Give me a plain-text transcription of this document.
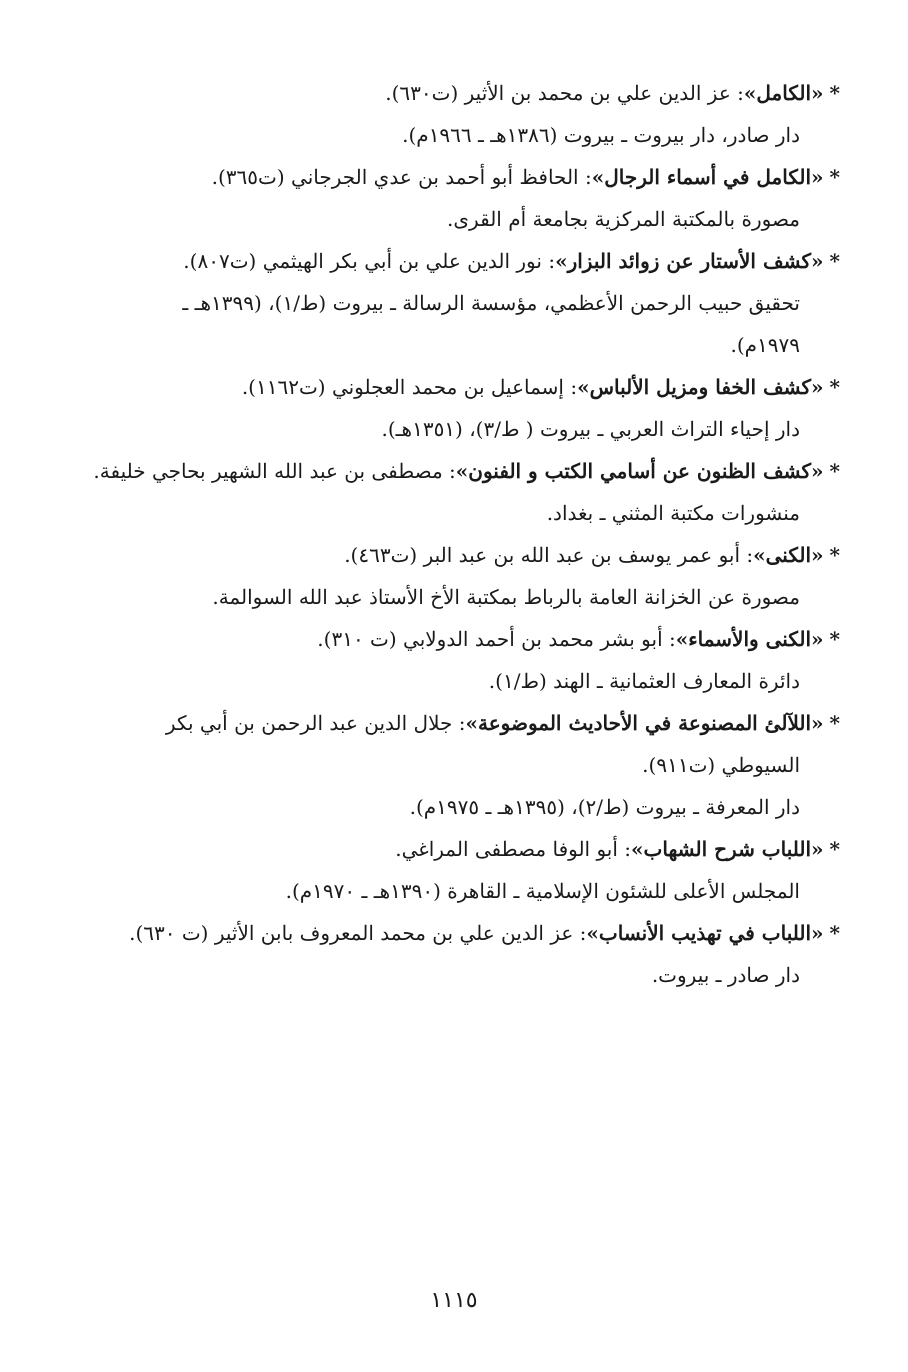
*«الكامل»: عز الدين علي بن محمد بن الأثير (ت٦٣٠).
دار صادر، دار بيروت ـ بيروت (١٣٨٦هـ ـ ١٩٦٦م).
*«الكامل في أسماء الرجال»: الحافظ أبو أحمد بن عدي الجرجاني (ت٣٦٥).
مصورة بالمكتبة المركزية بجامعة أم القرى.
*«كشف الأستار عن زوائد البزار»: نور الدين علي بن أبي بكر الهيثمي (ت٨٠٧).
تحقيق حبيب الرحمن الأعظمي، مؤسسة الرسالة ـ بيروت (ط/١)، (١٣٩٩هـ ـ
١٩٧٩م).
*«كشف الخفا ومزيل الألباس»: إسماعيل بن محمد العجلوني (ت١١٦٢).
دار إحياء التراث العربي ـ بيروت ( ط/٣)، (١٣٥١هـ).
*«كشف الظنون عن أسامي الكتب و الفنون»: مصطفى بن عبد الله الشهير بحاجي خليفة.
منشورات مكتبة المثني ـ بغداد.
*«الكنى»: أبو عمر يوسف بن عبد الله بن عبد البر (ت٤٦٣).
مصورة عن الخزانة العامة بالرباط بمكتبة الأخ الأستاذ عبد الله السوالمة.
*«الكنى والأسماء»: أبو بشر محمد بن أحمد الدولابي (ت ٣١٠).
دائرة المعارف العثمانية ـ الهند (ط/١).
*«اللآلئ المصنوعة في الأحاديث الموضوعة»: جلال الدين عبد الرحمن بن أبي بكر
السيوطي (ت٩١١).
دار المعرفة ـ بيروت (ط/٢)، (١٣٩٥هـ ـ ١٩٧٥م).
*«اللباب شرح الشهاب»: أبو الوفا مصطفى المراغي.
المجلس الأعلى للشئون الإسلامية ـ القاهرة (١٣٩٠هـ ـ ١٩٧٠م).
*«اللباب في تهذيب الأنساب»: عز الدين علي بن محمد المعروف بابن الأثير (ت ٦٣٠).
دار صادر ـ بيروت.
١١١٥
